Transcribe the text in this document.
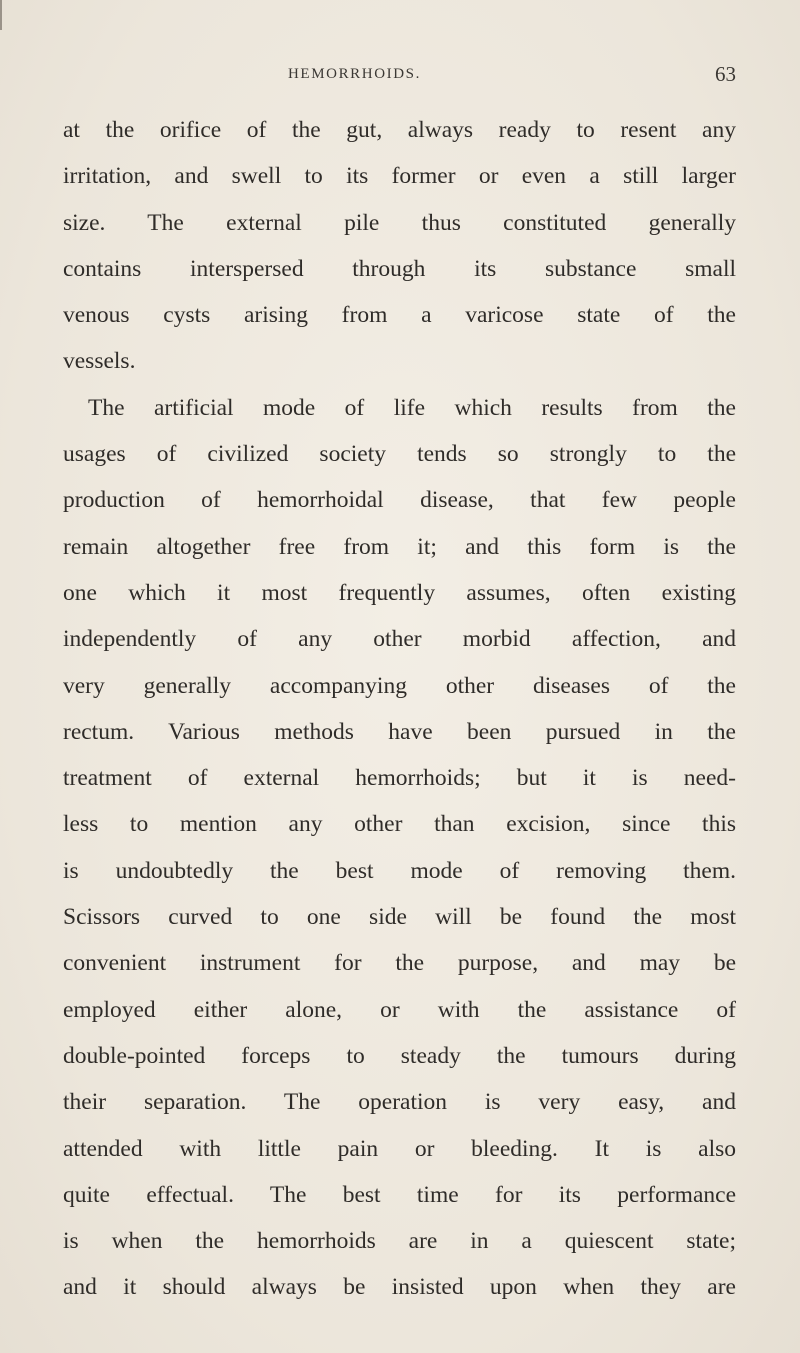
HEMORRHOIDS.	63
at the orifice of the gut, always ready to resent any
irritation, and swell to its former or even a still larger
size. The external pile thus constituted generally
contains interspersed through its substance small
venous cysts arising from a varicose state of the
vessels.
The artificial mode of life which results from the
usages of civilized society tends so strongly to the
production of hemorrhoidal disease, that few people
remain altogether free from it; and this form is the
one which it most frequently assumes, often existing
independently of any other morbid affection, and
very generally accompanying other diseases of the
rectum. Various methods have been pursued in the
treatment of external hemorrhoids; but it is need-
less to mention any other than excision, since this
is undoubtedly the best mode of removing them.
Scissors curved to one side will be found the most
convenient instrument for the purpose, and may be
employed either alone, or with the assistance of
double-pointed forceps to steady the tumours during
their separation. The operation is very easy, and
attended with little pain or bleeding. It is also
quite effectual. The best time for its performance
is when the hemorrhoids are in a quiescent state;
and it should always be insisted upon when they are
